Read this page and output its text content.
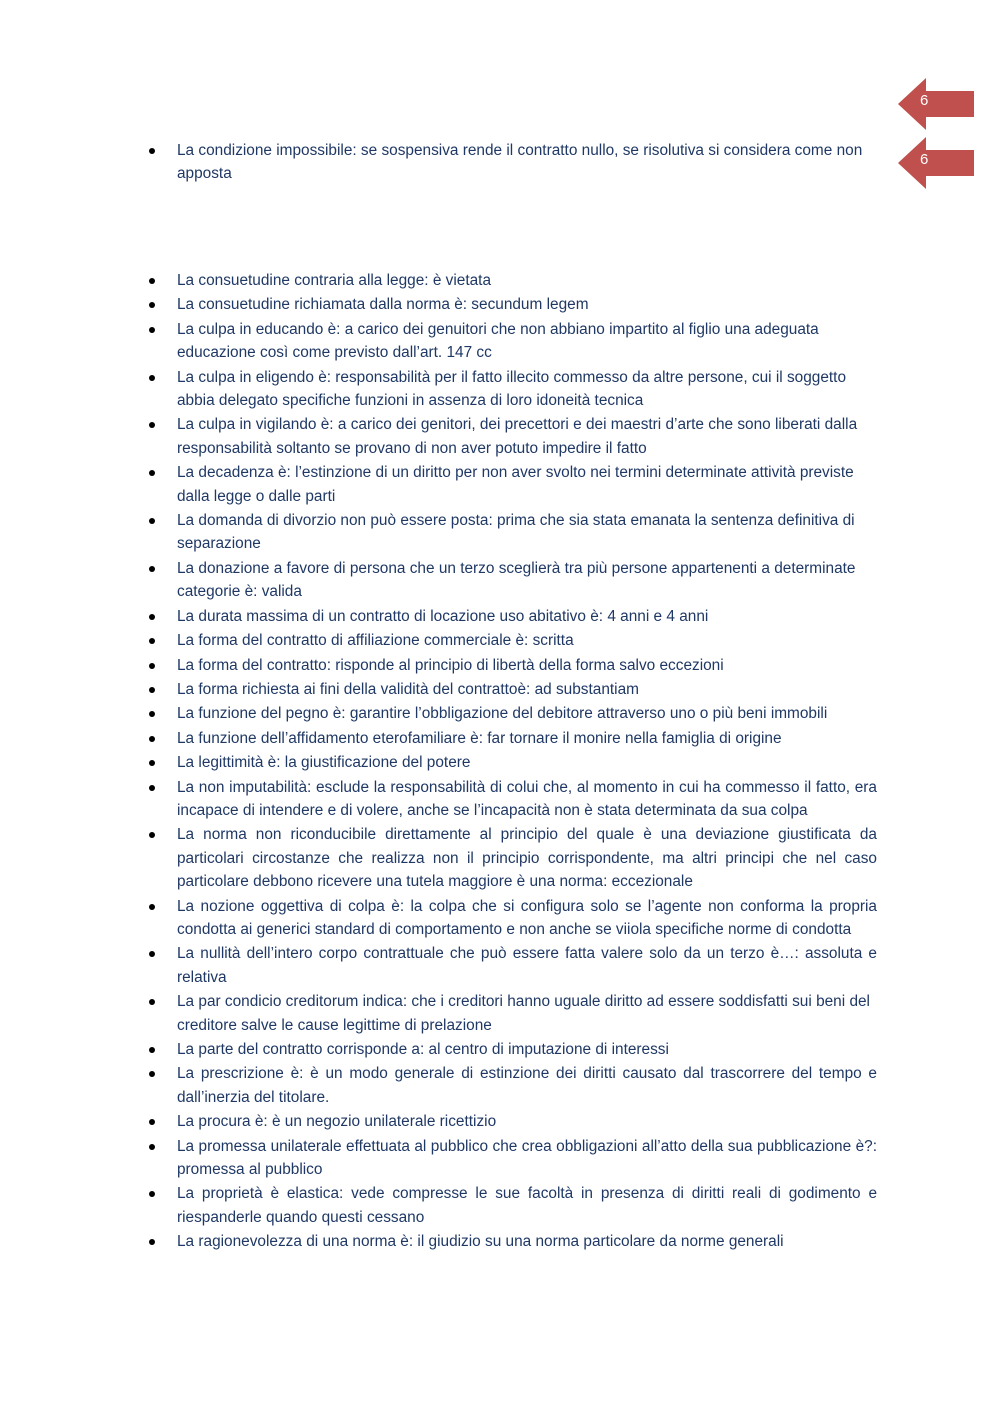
6
6
La condizione impossibile: se sospensiva rende il contratto nullo, se risolutiva si considera come non apposta
La consuetudine contraria alla legge: è vietata
La consuetudine richiamata dalla norma è: secundum legem
La culpa in educando è: a carico dei genuitori che non abbiano impartito al figlio una adeguata educazione così come previsto dall’art. 147 cc
La culpa in eligendo è: responsabilità per il fatto illecito commesso da altre persone, cui il soggetto abbia delegato specifiche funzioni in assenza di loro idoneità tecnica
La culpa in vigilando è: a carico dei genitori, dei precettori e dei maestri d’arte che sono liberati dalla responsabilità soltanto se provano di non aver potuto impedire il fatto
La decadenza è: l’estinzione di un diritto per non aver svolto nei termini determinate attività previste dalla legge o dalle parti
La domanda di divorzio non può essere posta: prima che sia stata emanata la sentenza definitiva di separazione
La donazione a favore di persona che un terzo sceglierà tra più persone appartenenti a determinate categorie è: valida
La durata massima di un contratto di locazione uso abitativo è: 4 anni e 4 anni
La forma del contratto di affiliazione commerciale è: scritta
La forma del contratto: risponde al principio di libertà della forma salvo eccezioni
La forma richiesta ai fini della validità del contrattoè: ad substantiam
La funzione del pegno è: garantire l’obbligazione del debitore attraverso uno o più beni immobili
La funzione dell’affidamento eterofamiliare è: far tornare il monire nella famiglia di origine
La legittimità è: la giustificazione del potere
La non imputabilità: esclude la responsabilità di colui che, al momento in cui ha commesso il fatto, era incapace di intendere e di volere, anche se l’incapacità non è stata determinata da sua colpa
La norma non riconducibile direttamente al principio del quale è una deviazione giustificata da particolari circostanze che realizza non il principio corrispondente, ma altri principi che nel caso particolare debbono ricevere una tutela maggiore è una norma: eccezionale
La nozione oggettiva di colpa è: la colpa che si configura solo se l’agente non conforma la propria condotta ai generici standard di comportamento e non anche se viiola specifiche norme di condotta
La nullità dell’intero corpo contrattuale che può essere fatta valere solo da un terzo è…: assoluta e relativa
La par condicio creditorum indica: che i creditori hanno uguale diritto ad essere soddisfatti sui beni del creditore salve le cause legittime di prelazione
La parte del contratto corrisponde a: al centro di imputazione di interessi
La prescrizione è: è un modo generale di estinzione dei diritti causato dal trascorrere del tempo e dall’inerzia del titolare.
La procura è: è un negozio unilaterale ricettizio
La promessa unilaterale effettuata al pubblico che crea obbligazioni all’atto della sua pubblicazione è?: promessa al pubblico
La proprietà è elastica: vede compresse le sue facoltà in presenza di diritti reali di godimento e riespanderle quando questi cessano
La ragionevolezza di una norma è: il giudizio su una norma particolare da norme generali
